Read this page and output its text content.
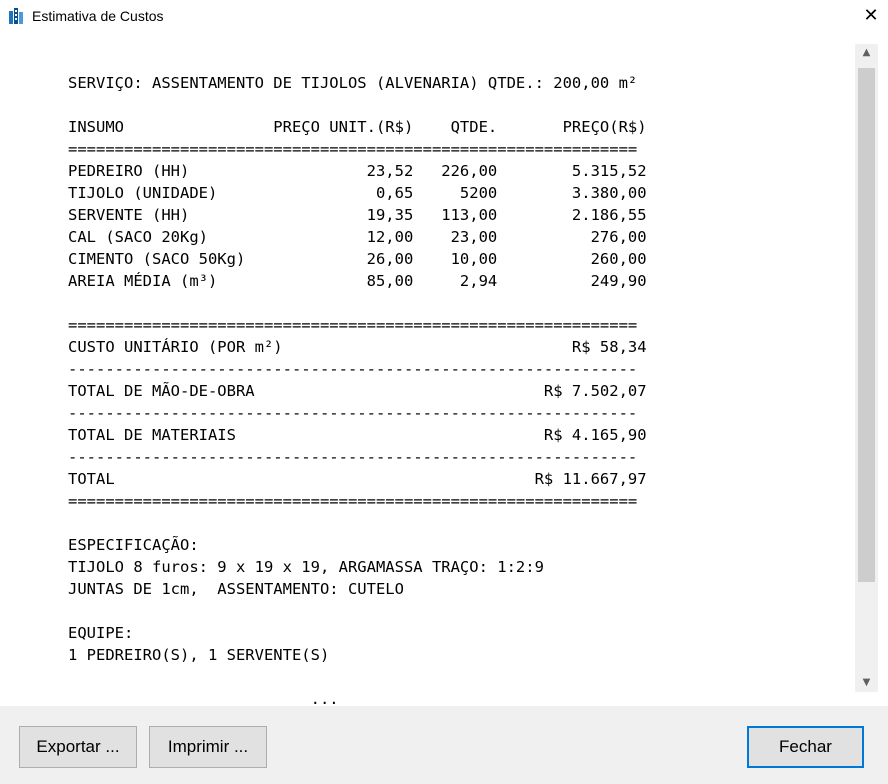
Estimativa de Custos	✕
SERVIÇO: ASSENTAMENTO DE TIJOLOS (ALVENARIA) QTDE.: 200,00 m²

INSUMO                PREÇO UNIT.(R$)    QTDE.       PREÇO(R$)
=============================================================
PEDREIRO (HH)                   23,52   226,00        5.315,52
TIJOLO (UNIDADE)                 0,65     5200        3.380,00
SERVENTE (HH)                   19,35   113,00        2.186,55
CAL (SACO 20Kg)                 12,00    23,00          276,00
CIMENTO (SACO 50Kg)             26,00    10,00          260,00
AREIA MÉDIA (m³)                85,00     2,94          249,90

=============================================================
CUSTO UNITÁRIO (POR m²)                               R$ 58,34
-------------------------------------------------------------
TOTAL DE MÃO-DE-OBRA                               R$ 7.502,07
-------------------------------------------------------------
TOTAL DE MATERIAIS                                 R$ 4.165,90
-------------------------------------------------------------
TOTAL                                             R$ 11.667,97
=============================================================

ESPECIFICAÇÃO:
TIJOLO 8 furos: 9 x 19 x 19, ARGAMASSA TRAÇO: 1:2:9
JUNTAS DE 1cm,  ASSENTAMENTO: CUTELO

EQUIPE:
1 PEDREIRO(S), 1 SERVENTE(S)

...

▲
▼
Exportar ...	Imprimir ...	Fechar
